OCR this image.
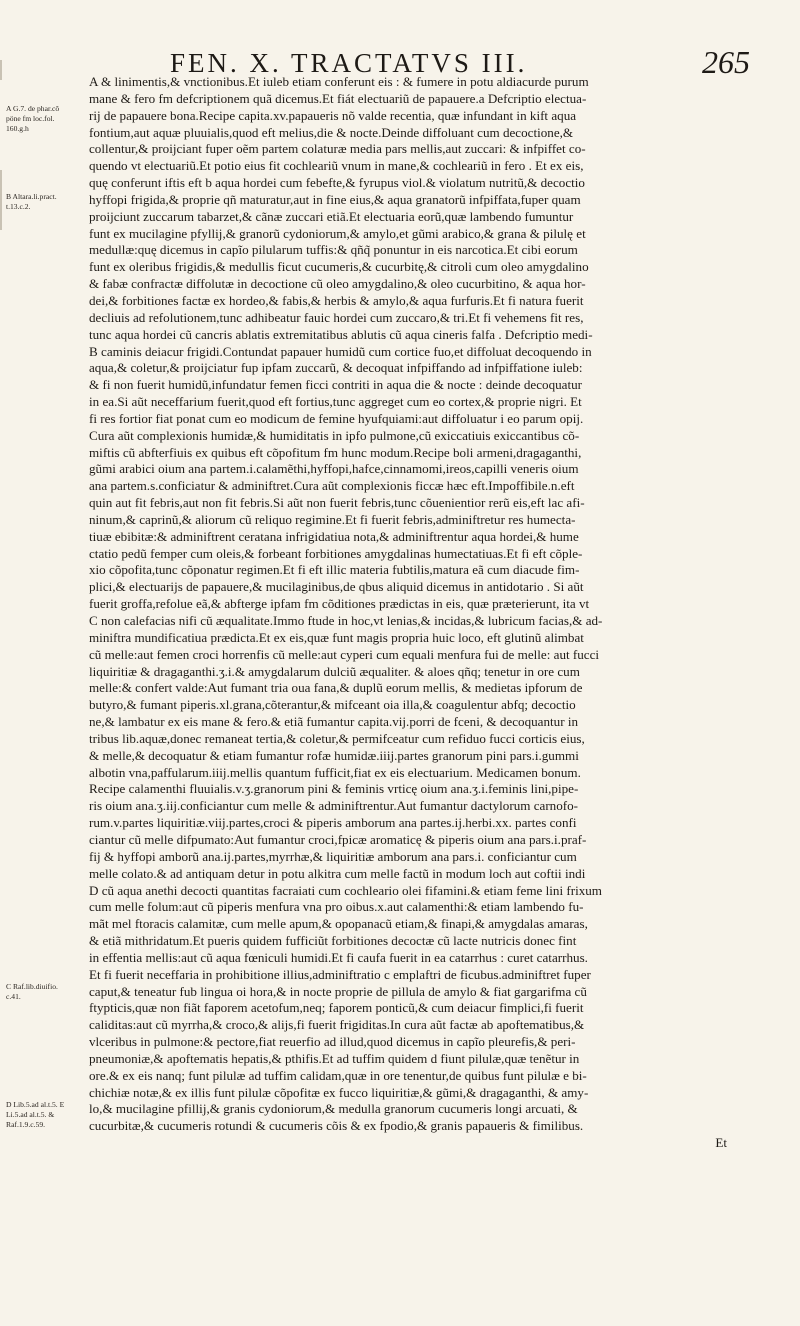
FEN. X. TRACTATVS III.	265
A G.7. de phar.cõ pöne fm loc.fol. 160.g.h
B Altara.li.pract. t.13.c.2.
C Raf.lib.diuifio. c.41.
D Lib.5.ad al.t.5. E Li.5.ad al.t.5. & Raf.1.9.c.59.
A & linimentis,& vnctionibus.Et iuleb etiam conferunt eis : & fumere in potu aldiacurde purum
mane & fero fm defcriptionem quã dicemus.Et fiát electuariũ de papauere.a Defcriptio electua-
rij de papauere bona.Recipe capita.xv.papaueris nõ valde recentia, quæ infundant in kift aqua
fontium,aut aquæ pluuialis,quod eft melius,die & nocte.Deinde diffoluant cum decoctione,&
collentur,& proijciant fuper oẽm partem colaturæ media pars mellis,aut zuccari: & infpiffet co-
quendo vt electuariũ.Et potio eius fit cochleariũ vnum in mane,& cochleariũ in fero . Et ex eis,
quę conferunt iftis eft b aqua hordei cum febefte,& fyrupus viol.& violatum nutritũ,& decoctio
hyffopi frigida,& proprie qñ maturatur,aut in fine eius,& aqua granatorũ infpiffata,fuper quam
proijciunt zuccarum tabarzet,& cãnæ zuccari etiã.Et electuaria eorũ,quæ lambendo fumuntur
funt ex mucilagine pfyllij,& granorũ cydoniorum,& amylo,et gũmi arabico,& grana & pilulę et
medullæ:quę dicemus in capĩo pilularum tuffis:& qñq̃ ponuntur in eis narcotica.Et cibi eorum
funt ex oleribus frigidis,& medullis ficut cucumeris,& cucurbitę,& citroli cum oleo amygdalino
& fabæ confractæ diffolutæ in decoctione cũ oleo amygdalino,& oleo cucurbitino, & aqua hor-
dei,& forbitiones factæ ex hordeo,& fabis,& herbis & amylo,& aqua furfuris.Et fi natura fuerit
decliuis ad refolutionem,tunc adhibeatur fauic hordei cum zuccaro,& tri.Et fi vehemens fit res,
tunc aqua hordei cũ cancris ablatis extremitatibus ablutis cũ aqua cineris falfa . Defcriptio medi-
B caminis deiacur frigidi.Contundat papauer humidũ cum cortice fuo,et diffoluat decoquendo in
aqua,& coletur,& proijciatur fup ipfam zuccarũ, & decoquat infpiffando ad infpiffatione iuleb:
& fi non fuerit humidũ,infundatur femen ficci contriti in aqua die & nocte : deinde decoquatur
in ea.Si aũt neceffarium fuerit,quod eft fortius,tunc aggreget cum eo cortex,& proprie nigri. Et
fi res fortior fiat ponat cum eo modicum de femine hyufquiami:aut diffoluatur i eo parum opij.
Cura aũt complexionis humidæ,& humiditatis in ipfo pulmone,cũ exiccatiuis exiccantibus cõ-
miftis cũ abfterfiuis ex quibus eft cõpofitum fm hunc modum.Recipe boli armeni,dragaganthi,
gũmi arabici oium ana partem.i.calamẽthi,hyffopi,hafce,cinnamomi,ireos,capilli veneris oium
ana partem.s.conficiatur & adminiftret.Cura aũt complexionis ficcæ hæc eft.Impoffibile.n.eft
quin aut fit febris,aut non fit febris.Si aũt non fuerit febris,tunc cõuenientior rerũ eis,eft lac afi-
ninum,& caprinũ,& aliorum cũ reliquo regimine.Et fi fuerit febris,adminiftretur res humecta-
tiuæ ebibitæ:& adminiftrent ceratana infrigidatiua nota,& adminiftrentur aqua hordei,& hume
ctatio pedũ femper cum oleis,& forbeant forbitiones amygdalinas humectatiuas.Et fi eft cõple-
xio cõpofita,tunc cõponatur regimen.Et fi eft illic materia fubtilis,matura eã cum diacude fim-
plici,& electuarijs de papauere,& mucilaginibus,de qbus aliquid dicemus in antidotario . Si aũt
fuerit groffa,refolue eã,& abfterge ipfam fm cõditiones prædictas in eis, quæ præterierunt, ita vt
C non calefacias nifi cũ æqualitate.Immo ftude in hoc,vt lenias,& incidas,& lubricum facias,& ad-
miniftra mundificatiua prædicta.Et ex eis,quæ funt magis propria huic loco, eft glutinũ alimbat
cũ melle:aut femen croci horrenfis cũ melle:aut cyperi cum equali menfura fui de melle: aut fucci
liquiritiæ & dragaganthi.ʒ.i.& amygdalarum dulciũ æqualiter. & aloes qñq; tenetur in ore cum
melle:& confert valde:Aut fumant tria oua fana,& duplũ eorum mellis, & medietas ipforum de
butyro,& fumant piperis.xl.grana,cõterantur,& mifceant oia illa,& coagulentur abfq; decoctio
ne,& lambatur ex eis mane & fero.& etiã fumantur capita.vij.porri de fceni, & decoquantur in
tribus lib.aquæ,donec remaneat tertia,& coletur,& permifceatur cum refiduo fucci corticis eius,
& melle,& decoquatur & etiam fumantur rofæ humidæ.iiij.partes granorum pini pars.i.gummi
albotin vna,paffularum.iiij.mellis quantum fufficit,fiat ex eis electuarium. Medicamen bonum.
Recipe calamenthi fluuialis.v.ʒ.granorum pini & feminis vrticę oium ana.ʒ.i.feminis lini,pipe-
ris oium ana.ʒ.iij.conficiantur cum melle & adminiftrentur.Aut fumantur dactylorum carnofo-
rum.v.partes liquiritiæ.viij.partes,croci & piperis amborum ana partes.ij.herbi.xx. partes confi
ciantur cũ melle difpumato:Aut fumantur croci,fpicæ aromaticę & piperis oium ana pars.i.praf-
fij & hyffopi amborũ ana.ij.partes,myrrhæ,& liquiritiæ amborum ana pars.i. conficiantur cum
melle colato.& ad antiquam detur in potu alkitra cum melle factũ in modum loch aut coftii indi
D cũ aqua anethi decocti quantitas facraiati cum cochleario olei fifamini.& etiam feme lini frixum
cum melle folum:aut cũ piperis menfura vna pro oibus.x.aut calamenthi:& etiam lambendo fu-
mãt mel ftoracis calamitæ, cum melle apum,& opopanacũ etiam,& finapi,& amygdalas amaras,
& etiã mithridatum.Et pueris quidem fufficiũt forbitiones decoctæ cũ lacte nutricis donec fint
in effentia mellis:aut cũ aqua fœniculi humidi.Et fi caufa fuerit in ea catarrhus : curet catarrhus.
Et fi fuerit neceffaria in prohibitione illius,adminiftratio c emplaftri de ficubus.adminiftret fuper
caput,& teneatur fub lingua oi hora,& in nocte proprie de pillula de amylo & fiat gargarifma cũ
ftypticis,quæ non fiãt faporem acetofum,neq; faporem ponticũ,& cum deiacur fimplici,fi fuerit
caliditas:aut cũ myrrha,& croco,& alijs,fi fuerit frigiditas.In cura aũt factæ ab apoftematibus,&
vlceribus in pulmone:& pectore,fiat reuerfio ad illud,quod dicemus in capĩo pleurefis,& peri-
pneumoniæ,& apoftematis hepatis,& pthifis.Et ad tuffim quidem d fiunt pilulæ,quæ tenẽtur in
ore.& ex eis nanq; funt pilulæ ad tuffim calidam,quæ in ore tenentur,de quibus funt pilulæ e bi-
chichiæ notæ,& ex illis funt pilulæ cõpofitæ ex fucco liquiritiæ,& gũmi,& dragaganthi, & amy-
lo,& mucilagine pfillij,& granis cydoniorum,& medulla granorum cucumeris longi arcuati, &
cucurbitæ,& cucumeris rotundi & cucumeris cõis & ex fpodio,& granis papaueris & fimilibus.
Et
